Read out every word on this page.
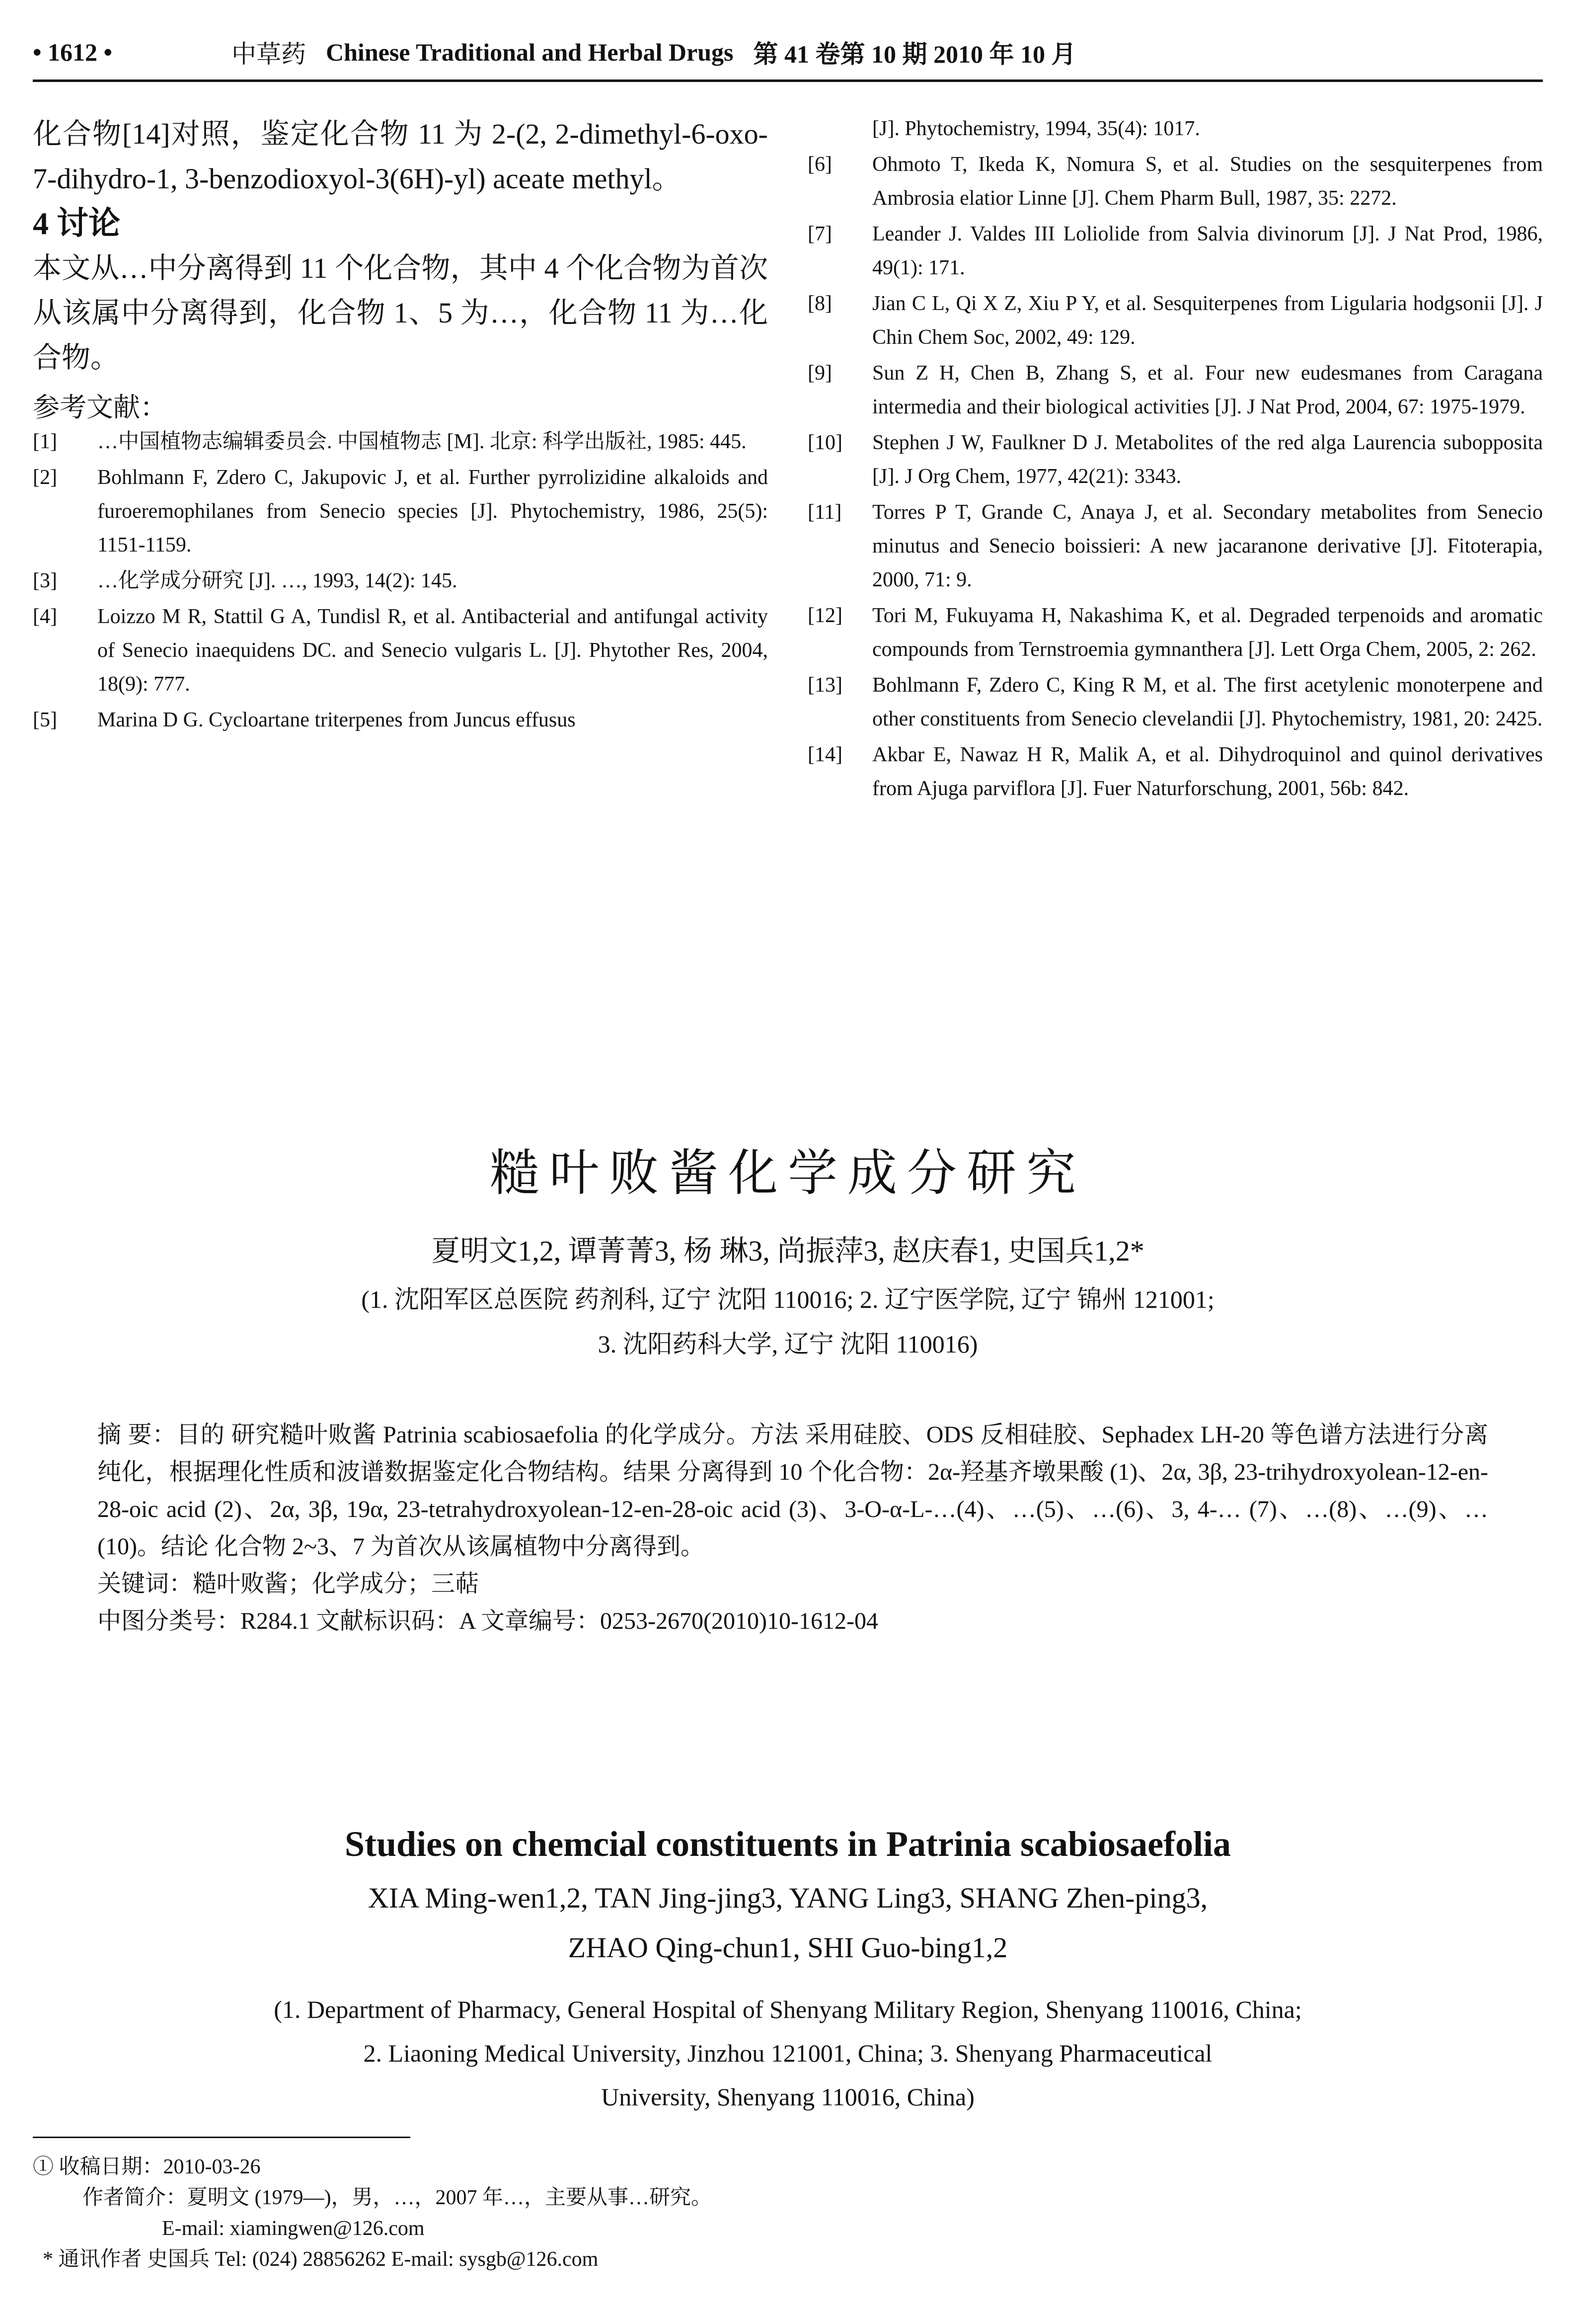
• 1612 •	中草药 Chinese Traditional and Herbal Drugs 第 41 卷第 10 期 2010 年 10 月
化合物[14]对照，鉴定化合物 11 为 2-(2, 2-dimethyl-6-oxo-7-dihydro-1, 3-benzodioxyol-3(6H)-yl) aceate methyl。
4 讨论
本文从…中分离得到 11 个化合物，其中 4 个化合物为首次从该属中分离得到，化合物 1、5 为…，化合物 11 为…化合物。
参考文献：
[1]	…中国植物志编辑委员会. 中国植物志 [M]. 北京: 科学出版社, 1985: 445.
[2]	Bohlmann F, Zdero C, Jakupovic J, et al. Further pyrrolizidine alkaloids and furoeremophilanes from Senecio species [J]. Phytochemistry, 1986, 25(5): 1151-1159.
[3]	…化学成分研究 [J]. …, 1993, 14(2): 145.
[4]	Loizzo M R, Stattil G A, Tundisl R, et al. Antibacterial and antifungal activity of Senecio inaequidens DC. and Senecio vulgaris L. [J]. Phytother Res, 2004, 18(9): 777.
[5]	Marina D G. Cycloartane triterpenes from Juncus effusus
[J]. Phytochemistry, 1994, 35(4): 1017.
[6]	Ohmoto T, Ikeda K, Nomura S, et al. Studies on the sesquiterpenes from Ambrosia elatior Linne [J]. Chem Pharm Bull, 1987, 35: 2272.
[7]	Leander J. Valdes III Loliolide from Salvia divinorum [J]. J Nat Prod, 1986, 49(1): 171.
[8]	Jian C L, Qi X Z, Xiu P Y, et al. Sesquiterpenes from Ligularia hodgsonii [J]. J Chin Chem Soc, 2002, 49: 129.
[9]	Sun Z H, Chen B, Zhang S, et al. Four new eudesmanes from Caragana intermedia and their biological activities [J]. J Nat Prod, 2004, 67: 1975-1979.
[10]	Stephen J W, Faulkner D J. Metabolites of the red alga Laurencia subopposita [J]. J Org Chem, 1977, 42(21): 3343.
[11]	Torres P T, Grande C, Anaya J, et al. Secondary metabolites from Senecio minutus and Senecio boissieri: A new jacaranone derivative [J]. Fitoterapia, 2000, 71: 9.
[12]	Tori M, Fukuyama H, Nakashima K, et al. Degraded terpenoids and aromatic compounds from Ternstroemia gymnanthera [J]. Lett Orga Chem, 2005, 2: 262.
[13]	Bohlmann F, Zdero C, King R M, et al. The first acetylenic monoterpene and other constituents from Senecio clevelandii [J]. Phytochemistry, 1981, 20: 2425.
[14]	Akbar E, Nawaz H R, Malik A, et al. Dihydroquinol and quinol derivatives from Ajuga parviflora [J]. Fuer Naturforschung, 2001, 56b: 842.
糙叶败酱化学成分研究
夏明文1,2, 谭菁菁3, 杨 琳3, 尚振萍3, 赵庆春1, 史国兵1,2*
(1. 沈阳军区总医院 药剂科, 辽宁 沈阳 110016; 2. 辽宁医学院, 辽宁 锦州 121001;
3. 沈阳药科大学, 辽宁 沈阳 110016)
摘 要：目的 研究糙叶败酱 Patrinia scabiosaefolia 的化学成分。方法 采用硅胶、ODS 反相硅胶、Sephadex LH-20 等色谱方法进行分离纯化，根据理化性质和波谱数据鉴定化合物结构。结果 分离得到 10 个化合物：2α-羟基齐墩果酸 (1)、2α, 3β, 23-trihydroxyolean-12-en-28-oic acid (2)、2α, 3β, 19α, 23-tetrahydroxyolean-12-en-28-oic acid (3)、3-O-α-L-…(4)、…(5)、…(6)、3, 4-… (7)、…(8)、…(9)、…(10)。结论 化合物 2~3、7 为首次从该属植物中分离得到。
关键词：糙叶败酱；化学成分；三萜
中图分类号：R284.1 文献标识码：A 文章编号：0253-2670(2010)10-1612-04
Studies on chemcial constituents in Patrinia scabiosaefolia
XIA Ming-wen1,2, TAN Jing-jing3, YANG Ling3, SHANG Zhen-ping3,
ZHAO Qing-chun1, SHI Guo-bing1,2
(1. Department of Pharmacy, General Hospital of Shenyang Military Region, Shenyang 110016, China;
2. Liaoning Medical University, Jinzhou 121001, China; 3. Shenyang Pharmaceutical
University, Shenyang 110016, China)
① 收稿日期：2010-03-26
作者简介：夏明文 (1979—)，男，…，2007 年…，主要从事…研究。
E-mail: xiamingwen@126.com
* 通讯作者 史国兵 Tel: (024) 28856262 E-mail: sysgb@126.com
